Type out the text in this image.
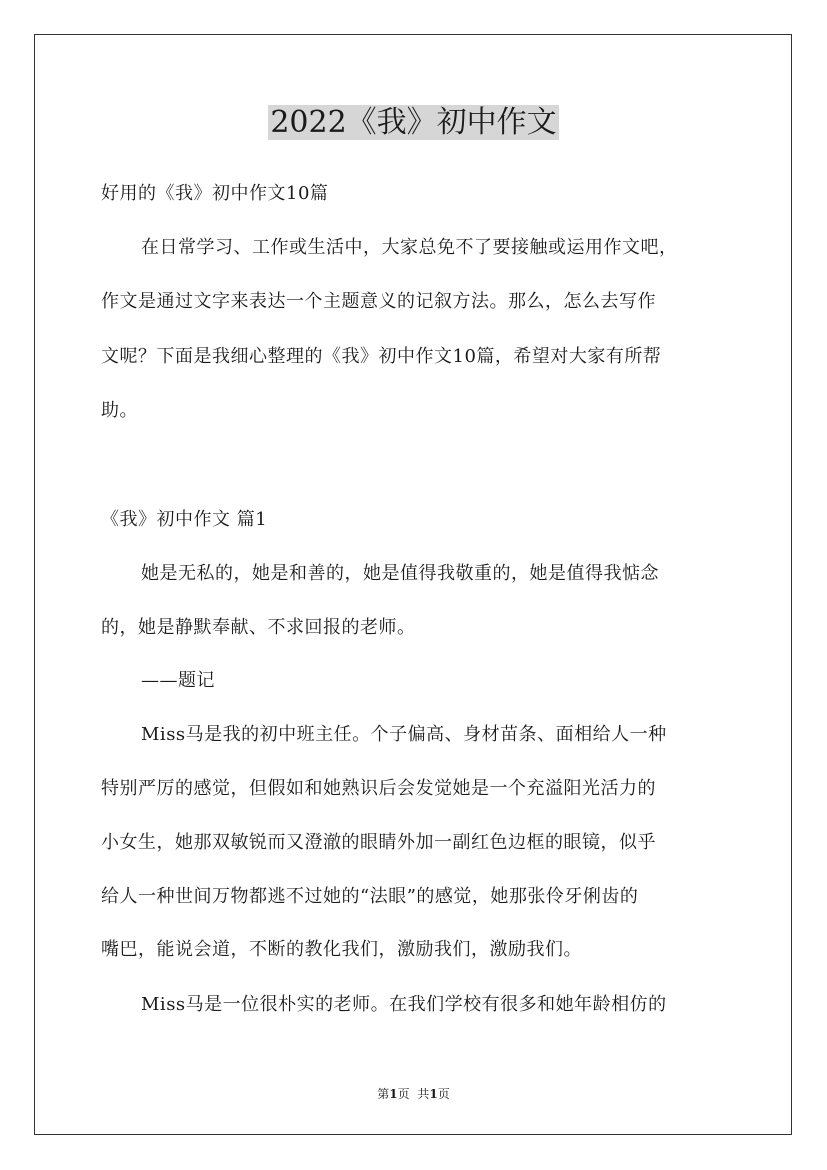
2022《我》初中作文
好用的《我》初中作文10篇
在日常学习、工作或生活中，大家总免不了要接触或运用作文吧，
作文是通过文字来表达一个主题意义的记叙方法。那么，怎么去写作
文呢？下面是我细心整理的《我》初中作文10篇，希望对大家有所帮
助。
《我》初中作文 篇1
她是无私的，她是和善的，她是值得我敬重的，她是值得我惦念
的，她是静默奉献、不求回报的老师。
——题记
Miss马是我的初中班主任。个子偏高、身材苗条、面相给人一种
特别严厉的感觉，但假如和她熟识后会发觉她是一个充溢阳光活力的
小女生，她那双敏锐而又澄澈的眼睛外加一副红色边框的眼镜，似乎
给人一种世间万物都逃不过她的“法眼”的感觉，她那张伶牙俐齿的
嘴巴，能说会道，不断的教化我们，激励我们，激励我们。
Miss马是一位很朴实的老师。在我们学校有很多和她年龄相仿的
第1页 共1页
